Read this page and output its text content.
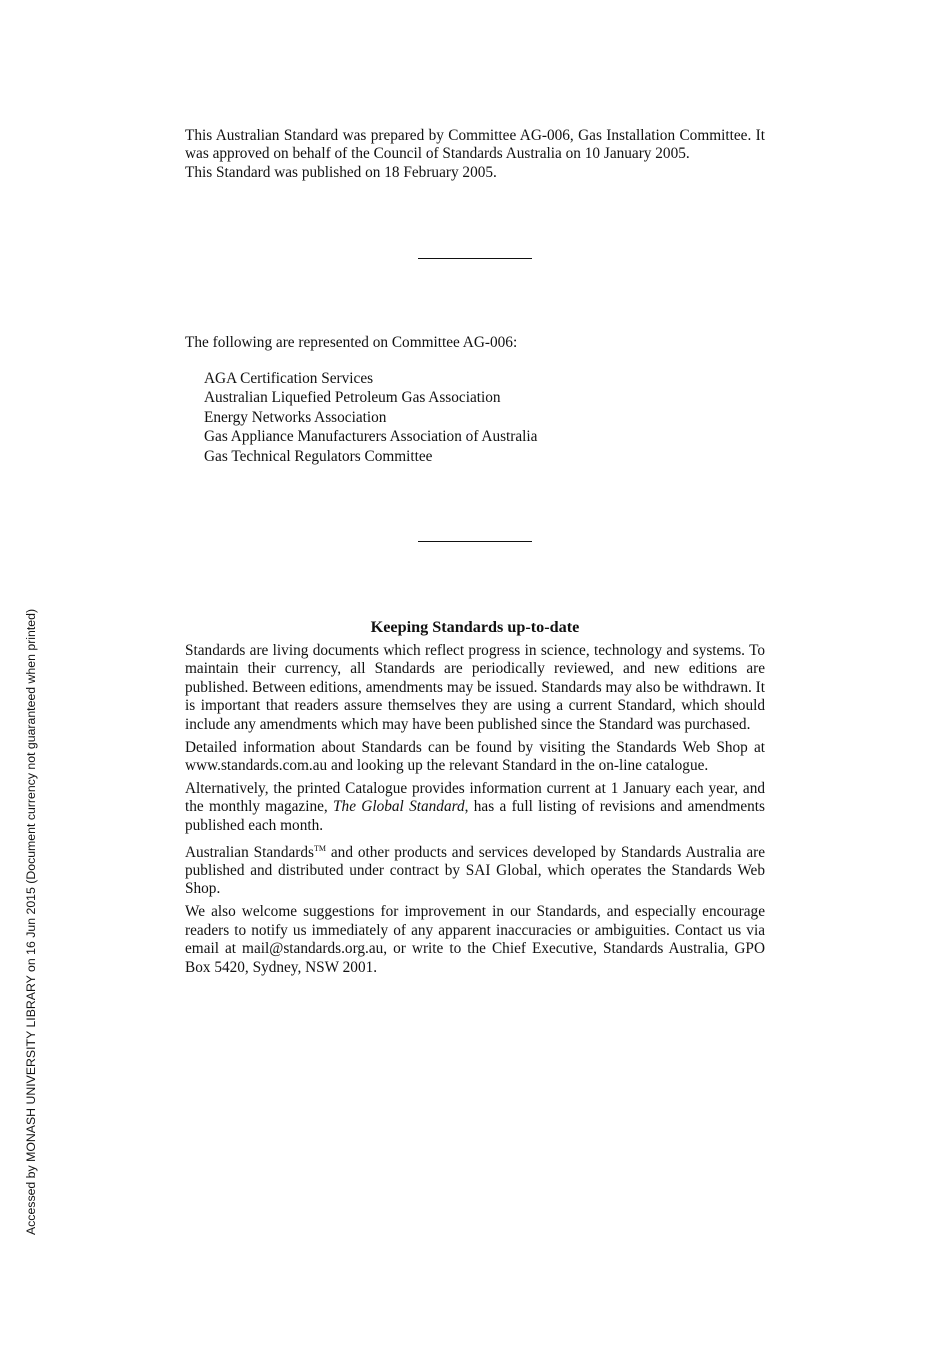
This Australian Standard was prepared by Committee AG-006, Gas Installation Committee. It was approved on behalf of the Council of Standards Australia on 10 January 2005.

This Standard was published on 18 February 2005.

The following are represented on Committee AG-006:

AGA Certification Services
Australian Liquefied Petroleum Gas Association
Energy Networks Association
Gas Appliance Manufacturers Association of Australia
Gas Technical Regulators Committee
Keeping Standards up-to-date

Standards are living documents which reflect progress in science, technology and systems. To maintain their currency, all Standards are periodically reviewed, and new editions are published. Between editions, amendments may be issued. Standards may also be withdrawn. It is important that readers assure themselves they are using a current Standard, which should include any amendments which may have been published since the Standard was purchased.

Detailed information about Standards can be found by visiting the Standards Web Shop at www.standards.com.au and looking up the relevant Standard in the on-line catalogue.

Alternatively, the printed Catalogue provides information current at 1 January each year, and the monthly magazine, The Global Standard, has a full listing of revisions and amendments published each month.

Australian Standards™ and other products and services developed by Standards Australia are published and distributed under contract by SAI Global, which operates the Standards Web Shop.

We also welcome suggestions for improvement in our Standards, and especially encourage readers to notify us immediately of any apparent inaccuracies or ambiguities. Contact us via email at mail@standards.org.au, or write to the Chief Executive, Standards Australia, GPO Box 5420, Sydney, NSW 2001.

Accessed by MONASH UNIVERSITY LIBRARY on 16 Jun 2015 (Document currency not guaranteed when printed)
